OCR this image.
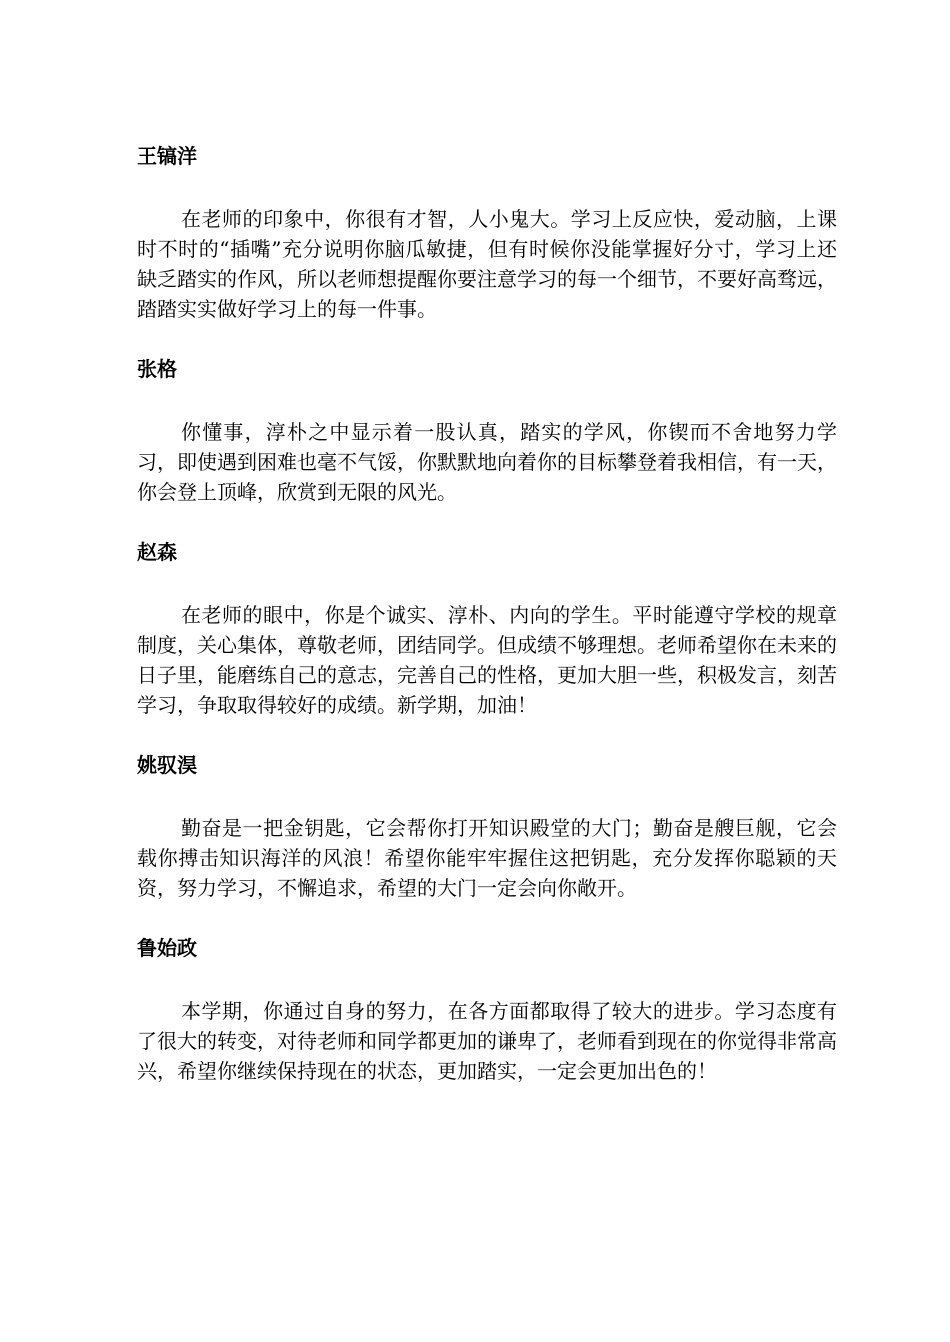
王镐洋

在老师的印象中，你很有才智，人小鬼大。学习上反应快，爱动脑，上课时不时的“插嘴”充分说明你脑瓜敏捷，但有时候你没能掌握好分寸，学习上还缺乏踏实的作风，所以老师想提醒你要注意学习的每一个细节，不要好高骛远，踏踏实实做好学习上的每一件事。

张格

你懂事，淳朴之中显示着一股认真，踏实的学风，你锲而不舍地努力学习，即使遇到困难也毫不气馁，你默默地向着你的目标攀登着我相信，有一天，你会登上顶峰，欣赏到无限的风光。

赵森

在老师的眼中，你是个诚实、淳朴、内向的学生。平时能遵守学校的规章制度，关心集体，尊敬老师，团结同学。但成绩不够理想。老师希望你在未来的日子里，能磨练自己的意志，完善自己的性格，更加大胆一些，积极发言，刻苦学习，争取取得较好的成绩。新学期，加油！

姚驭淏

勤奋是一把金钥匙，它会帮你打开知识殿堂的大门；勤奋是艘巨舰，它会载你搏击知识海洋的风浪！希望你能牢牢握住这把钥匙，充分发挥你聪颖的天资，努力学习，不懈追求，希望的大门一定会向你敞开。

鲁始政

本学期，你通过自身的努力，在各方面都取得了较大的进步。学习态度有了很大的转变，对待老师和同学都更加的谦卑了，老师看到现在的你觉得非常高兴，希望你继续保持现在的状态，更加踏实，一定会更加出色的！
